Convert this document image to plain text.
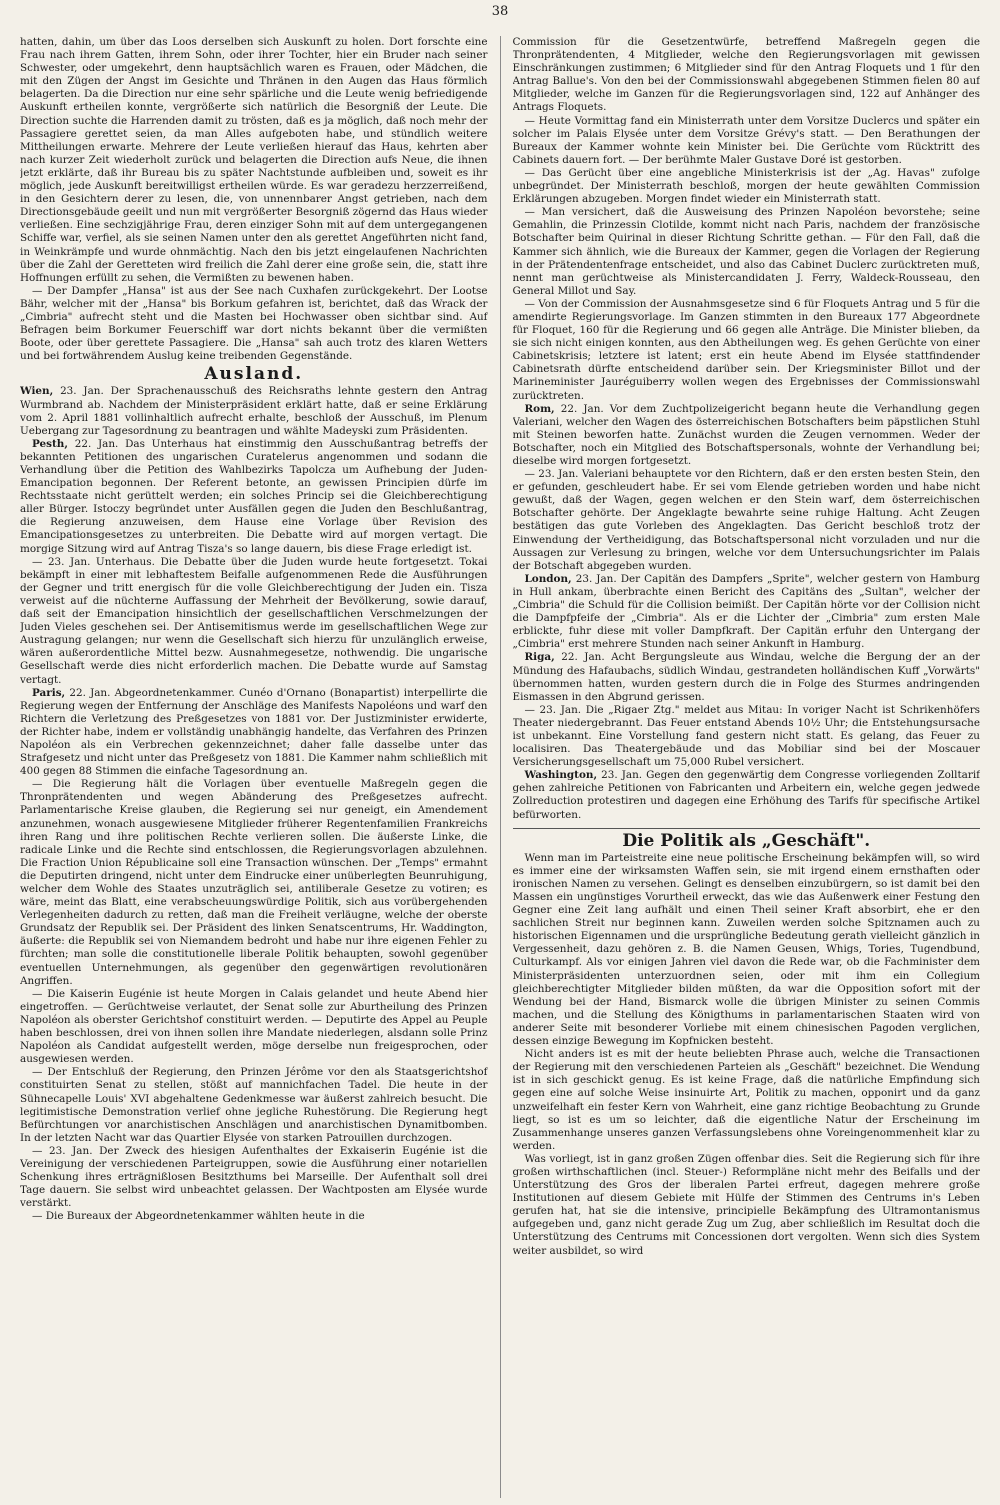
38

hatten, dahin, um über das Loos derselben sich Auskunft zu holen. Dort forschte eine Frau nach ihrem Gatten, ihrem Sohn, oder ihrer Tochter, hier ein Bruder nach seiner Schwester, oder umgekehrt, denn hauptsächlich waren es Frauen, oder Mädchen, die mit den Zügen der Angst im Gesichte und Thränen in den Augen das Haus förmlich belagerten. Da die Direction nur eine sehr spärliche und die Leute wenig befriedigende Auskunft ertheilen konnte, vergrößerte sich natürlich die Besorgniß der Leute. Die Direction suchte die Harrenden damit zu trösten, daß es ja möglich, daß noch mehr der Passagiere gerettet seien, da man Alles aufgeboten habe, und stündlich weitere Mittheilungen erwarte. Mehrere der Leute verließen hierauf das Haus, kehrten aber nach kurzer Zeit wiederholt zurück und belagerten die Direction aufs Neue, die ihnen jetzt erklärte, daß ihr Bureau bis zu später Nachtstunde aufbleiben und, soweit es ihr möglich, jede Auskunft bereitwilligst ertheilen würde. Es war geradezu herzzerreißend, in den Gesichtern derer zu lesen, die, von unnennbarer Angst getrieben, nach dem Directionsgebäude geeilt und nun mit vergrößerter Besorgniß zögernd das Haus wieder verließen. Eine sechzigjährige Frau, deren einziger Sohn mit auf dem untergegangenen Schiffe war, verfiel, als sie seinen Namen unter den als gerettet Angeführten nicht fand, in Weinkrämpfe und wurde ohnmächtig. Nach den bis jetzt eingelaufenen Nachrichten über die Zahl der Geretteten wird freilich die Zahl derer eine große sein, die, statt ihre Hoffnungen erfüllt zu sehen, die Vermißten zu bewenen haben.

— Der Dampfer „Hansa" ist aus der See nach Cuxhafen zurückgekehrt. Der Lootse Bähr, welcher mit der „Hansa" bis Borkum gefahren ist, berichtet, daß das Wrack der „Cimbria" aufrecht steht und die Masten bei Hochwasser oben sichtbar sind. Auf Befragen beim Borkumer Feuerschiff war dort nichts bekannt über die vermißten Boote, oder über gerettete Passagiere. Die „Hansa" sah auch trotz des klaren Wetters und bei fortwährendem Auslug keine treibenden Gegenstände.

Ausland.

Wien, 23. Jan. Der Sprachenausschuß des Reichsraths lehnte gestern den Antrag Wurmbrand ab. Nachdem der Ministerpräsident erklärt hatte, daß er seine Erklärung vom 2. April 1881 vollinhaltlich aufrecht erhalte, beschloß der Ausschuß, im Plenum Uebergang zur Tagesordnung zu beantragen und wählte Madeyski zum Präsidenten.

Pesth, 22. Jan. Das Unterhaus hat einstimmig den Ausschußantrag betreffs der bekannten Petitionen des ungarischen Curatelerus angenommen und sodann die Verhandlung über die Petition des Wahlbezirks Tapolcza um Aufhebung der Juden-Emancipation begonnen. Der Referent betonte, an gewissen Principien dürfe im Rechtsstaate nicht gerüttelt werden; ein solches Princip sei die Gleichberechtigung aller Bürger. Istoczy begründet unter Ausfällen gegen die Juden den Beschlußantrag, die Regierung anzuweisen, dem Hause eine Vorlage über Revision des Emancipationsgesetzes zu unterbreiten. Die Debatte wird auf morgen vertagt. Die morgige Sitzung wird auf Antrag Tisza's so lange dauern, bis diese Frage erledigt ist.

— 23. Jan. Unterhaus. Die Debatte über die Juden wurde heute fortgesetzt. Tokai bekämpft in einer mit lebhaftestem Beifalle aufgenommenen Rede die Ausführungen der Gegner und tritt energisch für die volle Gleichberechtigung der Juden ein. Tisza verweist auf die nüchterne Auffassung der Mehrheit der Bevölkerung, sowie darauf, daß seit der Emancipation hinsichtlich der gesellschaftlichen Verschmelzungen der Juden Vieles geschehen sei. Der Antisemitismus werde im gesellschaftlichen Wege zur Austragung gelangen; nur wenn die Gesellschaft sich hierzu für unzulänglich erweise, wären außerordentliche Mittel bezw. Ausnahmegesetze, nothwendig. Die ungarische Gesellschaft werde dies nicht erforderlich machen. Die Debatte wurde auf Samstag vertagt.

Paris, 22. Jan. Abgeordnetenkammer. Cunéo d'Ornano (Bonapartist) interpellirte die Regierung wegen der Entfernung der Anschläge des Manifests Napoléons und warf den Richtern die Verletzung des Preßgesetzes von 1881 vor. Der Justizminister erwiderte, der Richter habe, indem er vollständig unabhängig handelte, das Verfahren des Prinzen Napoléon als ein Verbrechen gekennzeichnet; daher falle dasselbe unter das Strafgesetz und nicht unter das Preßgesetz von 1881. Die Kammer nahm schließlich mit 400 gegen 88 Stimmen die einfache Tagesordnung an.

— Die Regierung hält die Vorlagen über eventuelle Maßregeln gegen die Thronprätendenten und wegen Abänderung des Preßgesetzes aufrecht. Parlamentarische Kreise glauben, die Regierung sei nur geneigt, ein Amendement anzunehmen, wonach ausgewiesene Mitglieder früherer Regentenfamilien Frankreichs ihren Rang und ihre politischen Rechte verlieren sollen. Die äußerste Linke, die radicale Linke und die Rechte sind entschlossen, die Regierungsvorlagen abzulehnen. Die Fraction Union Républicaine soll eine Transaction wünschen. Der „Temps" ermahnt die Deputirten dringend, nicht unter dem Eindrucke einer unüberlegten Beunruhigung, welcher dem Wohle des Staates unzuträglich sei, antiliberale Gesetze zu votiren; es wäre, meint das Blatt, eine verabscheuungswürdige Politik, sich aus vorübergehenden Verlegenheiten dadurch zu retten, daß man die Freiheit verläugne, welche der oberste Grundsatz der Republik sei. Der Präsident des linken Senatscentrums, Hr. Waddington, äußerte: die Republik sei von Niemandem bedroht und habe nur ihre eigenen Fehler zu fürchten; man solle die constitutionelle liberale Politik behaupten, sowohl gegenüber eventuellen Unternehmungen, als gegenüber den gegenwärtigen revolutionären Angriffen.

— Die Kaiserin Eugénie ist heute Morgen in Calais gelandet und heute Abend hier eingetroffen. — Gerüchtweise verlautet, der Senat solle zur Aburtheilung des Prinzen Napoléon als oberster Gerichtshof constituirt werden. — Deputirte des Appel au Peuple haben beschlossen, drei von ihnen sollen ihre Mandate niederlegen, alsdann solle Prinz Napoléon als Candidat aufgestellt werden, möge derselbe nun freigesprochen, oder ausgewiesen werden.

— Der Entschluß der Regierung, den Prinzen Jérôme vor den als Staatsgerichtshof constituirten Senat zu stellen, stößt auf mannichfachen Tadel. Die heute in der Sühnecapelle Louis' XVI abgehaltene Gedenkmesse war äußerst zahlreich besucht. Die legitimistische Demonstration verlief ohne jegliche Ruhestörung. Die Regierung hegt Befürchtungen vor anarchistischen Anschlägen und anarchistischen Dynamitbomben. In der letzten Nacht war das Quartier Elysée von starken Patrouillen durchzogen.

— 23. Jan. Der Zweck des hiesigen Aufenthaltes der Exkaiserin Eugénie ist die Vereinigung der verschiedenen Parteigruppen, sowie die Ausführung einer notariellen Schenkung ihres erträgnißlosen Besitzthums bei Marseille. Der Aufenthalt soll drei Tage dauern. Sie selbst wird unbeachtet gelassen. Der Wachtposten am Elysée wurde verstärkt.

— Die Bureaux der Abgeordnetenkammer wählten heute in die

Commission für die Gesetzentwürfe, betreffend Maßregeln gegen die Thronprätendenten, 4 Mitglieder, welche den Regierungsvorlagen mit gewissen Einschränkungen zustimmen; 6 Mitglieder sind für den Antrag Floquets und 1 für den Antrag Ballue's. Von den bei der Commissionswahl abgegebenen Stimmen fielen 80 auf Mitglieder, welche im Ganzen für die Regierungsvorlagen sind, 122 auf Anhänger des Antrags Floquets.

— Heute Vormittag fand ein Ministerrath unter dem Vorsitze Duclercs und später ein solcher im Palais Elysée unter dem Vorsitze Grévy's statt. — Den Berathungen der Bureaux der Kammer wohnte kein Minister bei. Die Gerüchte vom Rücktritt des Cabinets dauern fort. — Der berühmte Maler Gustave Doré ist gestorben.

— Das Gerücht über eine angebliche Ministerkrisis ist der „Ag. Havas" zufolge unbegründet. Der Ministerrath beschloß, morgen der heute gewählten Commission Erklärungen abzugeben. Morgen findet wieder ein Ministerrath statt.

— Man versichert, daß die Ausweisung des Prinzen Napoléon bevorstehe; seine Gemahlin, die Prinzessin Clotilde, kommt nicht nach Paris, nachdem der französische Botschafter beim Quirinal in dieser Richtung Schritte gethan. — Für den Fall, daß die Kammer sich ähnlich, wie die Bureaux der Kammer, gegen die Vorlagen der Regierung in der Prätendentenfrage entscheidet, und also das Cabinet Duclerc zurücktreten muß, nennt man gerüchtweise als Ministercandidaten J. Ferry, Waldeck-Rousseau, den General Millot und Say.

— Von der Commission der Ausnahmsgesetze sind 6 für Floquets Antrag und 5 für die amendirte Regierungsvorlage. Im Ganzen stimmten in den Bureaux 177 Abgeordnete für Floquet, 160 für die Regierung und 66 gegen alle Anträge. Die Minister blieben, da sie sich nicht einigen konnten, aus den Abtheilungen weg. Es gehen Gerüchte von einer Cabinetskrisis; letztere ist latent; erst ein heute Abend im Elysée stattfindender Cabinetsrath dürfte entscheidend darüber sein. Der Kriegsminister Billot und der Marineminister Jauréguiberry wollen wegen des Ergebnisses der Commissionswahl zurücktreten.

Rom, 22. Jan. Vor dem Zuchtpolizeigericht begann heute die Verhandlung gegen Valeriani, welcher den Wagen des österreichischen Botschafters beim päpstlichen Stuhl mit Steinen beworfen hatte. Zunächst wurden die Zeugen vernommen. Weder der Botschafter, noch ein Mitglied des Botschaftspersonals, wohnte der Verhandlung bei; dieselbe wird morgen fortgesetzt.

— 23. Jan. Valeriani behauptete vor den Richtern, daß er den ersten besten Stein, den er gefunden, geschleudert habe. Er sei vom Elende getrieben worden und habe nicht gewußt, daß der Wagen, gegen welchen er den Stein warf, dem österreichischen Botschafter gehörte. Der Angeklagte bewahrte seine ruhige Haltung. Acht Zeugen bestätigen das gute Vorleben des Angeklagten. Das Gericht beschloß trotz der Einwendung der Vertheidigung, das Botschaftspersonal nicht vorzuladen und nur die Aussagen zur Verlesung zu bringen, welche vor dem Untersuchungsrichter im Palais der Botschaft abgegeben wurden.

London, 23. Jan. Der Capitän des Dampfers „Sprite", welcher gestern von Hamburg in Hull ankam, überbrachte einen Bericht des Capitäns des „Sultan", welcher der „Cimbria" die Schuld für die Collision beimißt. Der Capitän hörte vor der Collision nicht die Dampfpfeife der „Cimbria". Als er die Lichter der „Cimbria" zum ersten Male erblickte, fuhr diese mit voller Dampfkraft. Der Capitän erfuhr den Untergang der „Cimbria" erst mehrere Stunden nach seiner Ankunft in Hamburg.

Riga, 22. Jan. Acht Bergungsleute aus Windau, welche die Bergung der an der Mündung des Hafaubachs, südlich Windau, gestrandeten holländischen Kuff „Vorwärts" übernommen hatten, wurden gestern durch die in Folge des Sturmes andringenden Eismassen in den Abgrund gerissen.

— 23. Jan. Die „Rigaer Ztg." meldet aus Mitau: In voriger Nacht ist Schrikenhöfers Theater niedergebrannt. Das Feuer entstand Abends 10½ Uhr; die Entstehungsursache ist unbekannt. Eine Vorstellung fand gestern nicht statt. Es gelang, das Feuer zu localisiren. Das Theatergebäude und das Mobiliar sind bei der Moscauer Versicherungsgesellschaft um 75,000 Rubel versichert.

Washington, 23. Jan. Gegen den gegenwärtig dem Congresse vorliegenden Zolltarif gehen zahlreiche Petitionen von Fabricanten und Arbeitern ein, welche gegen jedwede Zollreduction protestiren und dagegen eine Erhöhung des Tarifs für specifische Artikel befürworten.

Die Politik als „Geschäft".

Wenn man im Parteistreite eine neue politische Erscheinung bekämpfen will, so wird es immer eine der wirksamsten Waffen sein, sie mit irgend einem ernsthaften oder ironischen Namen zu versehen. Gelingt es denselben einzubürgern, so ist damit bei den Massen ein ungünstiges Vorurtheil erweckt, das wie das Außenwerk einer Festung den Gegner eine Zeit lang aufhält und einen Theil seiner Kraft absorbirt, ehe er den sachlichen Streit nur beginnen kann. Zuweilen werden solche Spitznamen auch zu historischen Eigennamen und die ursprüngliche Bedeutung gerath vielleicht gänzlich in Vergessenheit, dazu gehören z. B. die Namen Geusen, Whigs, Tories, Tugendbund, Culturkampf. Als vor einigen Jahren viel davon die Rede war, ob die Fachminister dem Ministerpräsidenten unterzuordnen seien, oder mit ihm ein Collegium gleichberechtigter Mitglieder bilden müßten, da war die Opposition sofort mit der Wendung bei der Hand, Bismarck wolle die übrigen Minister zu seinen Commis machen, und die Stellung des Königthums in parlamentarischen Staaten wird von anderer Seite mit besonderer Vorliebe mit einem chinesischen Pagoden verglichen, dessen einzige Bewegung im Kopfnicken besteht.

Nicht anders ist es mit der heute beliebten Phrase auch, welche die Transactionen der Regierung mit den verschiedenen Parteien als „Geschäft" bezeichnet. Die Wendung ist in sich geschickt genug. Es ist keine Frage, daß die natürliche Empfindung sich gegen eine auf solche Weise insinuirte Art, Politik zu machen, opponirt und da ganz unzweifelhaft ein fester Kern von Wahrheit, eine ganz richtige Beobachtung zu Grunde liegt, so ist es um so leichter, daß die eigentliche Natur der Erscheinung im Zusammenhange unseres ganzen Verfassungslebens ohne Voreingenommenheit klar zu werden.

Was vorliegt, ist in ganz großen Zügen offenbar dies. Seit die Regierung sich für ihre großen wirthschaftlichen (incl. Steuer-) Reformpläne nicht mehr des Beifalls und der Unterstützung des Gros der liberalen Partei erfreut, dagegen mehrere große Institutionen auf diesem Gebiete mit Hülfe der Stimmen des Centrums in's Leben gerufen hat, hat sie die intensive, principielle Bekämpfung des Ultramontanismus aufgegeben und, ganz nicht gerade Zug um Zug, aber schließlich im Resultat doch die Unterstützung des Centrums mit Concessionen dort vergolten. Wenn sich dies System weiter ausbildet, so wird
